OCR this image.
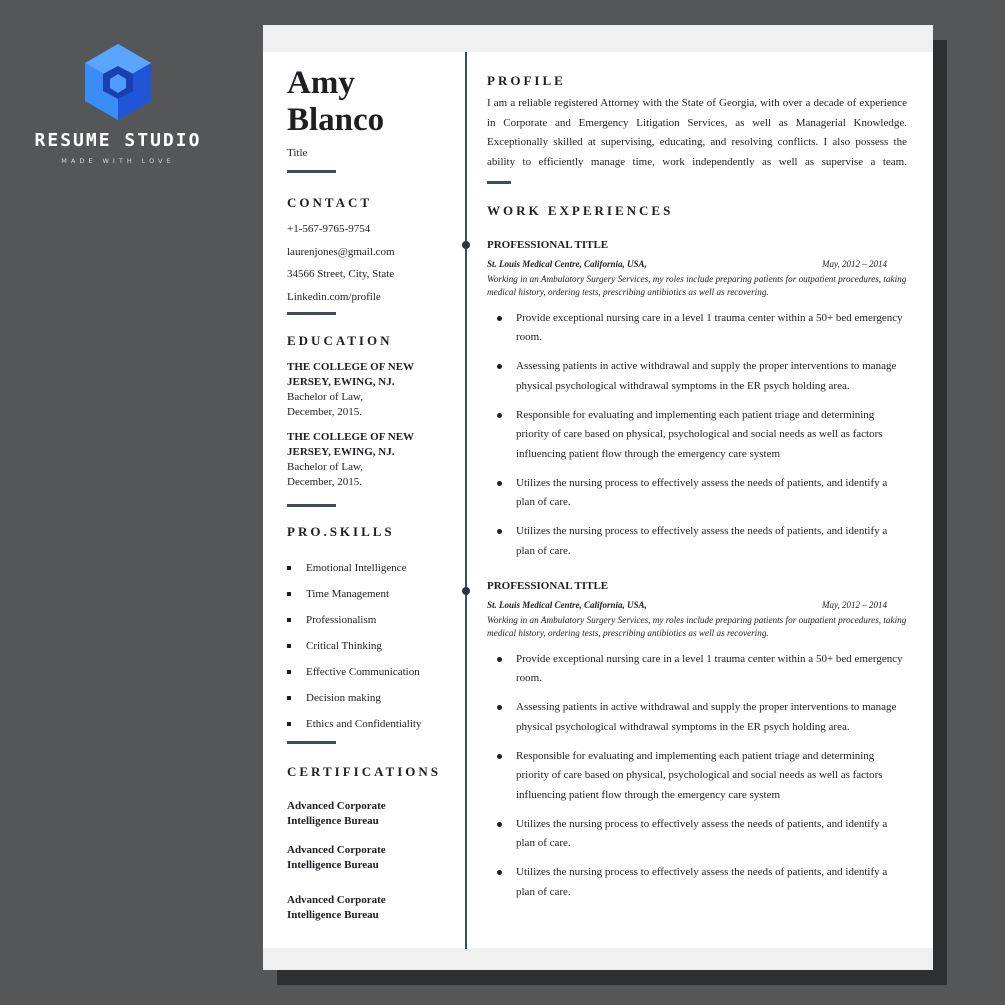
RESUME STUDIO
MADE WITH LOVE
Amy
Blanco
Title
CONTACT
+1-567-9765-9754
laurenjones@gmail.com
34566 Street, City, State
Linkedin.com/profile
EDUCATION
THE COLLEGE OF NEW
JERSEY, EWING, NJ.
Bachelor of Law,
December, 2015.
THE COLLEGE OF NEW
JERSEY, EWING, NJ.
Bachelor of Law,
December, 2015.
PRO.SKILLS
Emotional Intelligence
Time Management
Professionalism
Critical Thinking
Effective Communication
Decision making
Ethics and Confidentiality
CERTIFICATIONS
Advanced Corporate
Intelligence Bureau
Advanced Corporate
Intelligence Bureau
Advanced Corporate
Intelligence Bureau
PROFILE
I am a reliable registered Attorney with the State of Georgia, with over a decade of experience in Corporate and Emergency Litigation Services, as well as Managerial Knowledge. Exceptionally skilled at supervising, educating, and resolving conflicts. I also possess the ability to efficiently manage time, work independently as well as supervise a team.
WORK EXPERIENCES
PROFESSIONAL TITLE
St. Louis Medical Centre, California, USA,	May, 2012 – 2014
Working in an Ambulatory Surgery Services, my roles include preparing patients for outpatient procedures, taking medical history, ordering tests, prescribing antibiotics as well as recovering.
Provide exceptional nursing care in a level 1 trauma center within a 50+ bed emergency room.
Assessing patients in active withdrawal and supply the proper interventions to manage physical psychological withdrawal symptoms in the ER psych holding area.
Responsible for evaluating and implementing each patient triage and determining priority of care based on physical, psychological and social needs as well as factors influencing patient flow through the emergency care system
Utilizes the nursing process to effectively assess the needs of patients, and identify a plan of care.
Utilizes the nursing process to effectively assess the needs of patients, and identify a plan of care.
PROFESSIONAL TITLE
St. Louis Medical Centre, California, USA,	May, 2012 – 2014
Working in an Ambulatory Surgery Services, my roles include preparing patients for outpatient procedures, taking medical history, ordering tests, prescribing antibiotics as well as recovering.
Provide exceptional nursing care in a level 1 trauma center within a 50+ bed emergency room.
Assessing patients in active withdrawal and supply the proper interventions to manage physical psychological withdrawal symptoms in the ER psych holding area.
Responsible for evaluating and implementing each patient triage and determining priority of care based on physical, psychological and social needs as well as factors influencing patient flow through the emergency care system
Utilizes the nursing process to effectively assess the needs of patients, and identify a plan of care.
Utilizes the nursing process to effectively assess the needs of patients, and identify a plan of care.
